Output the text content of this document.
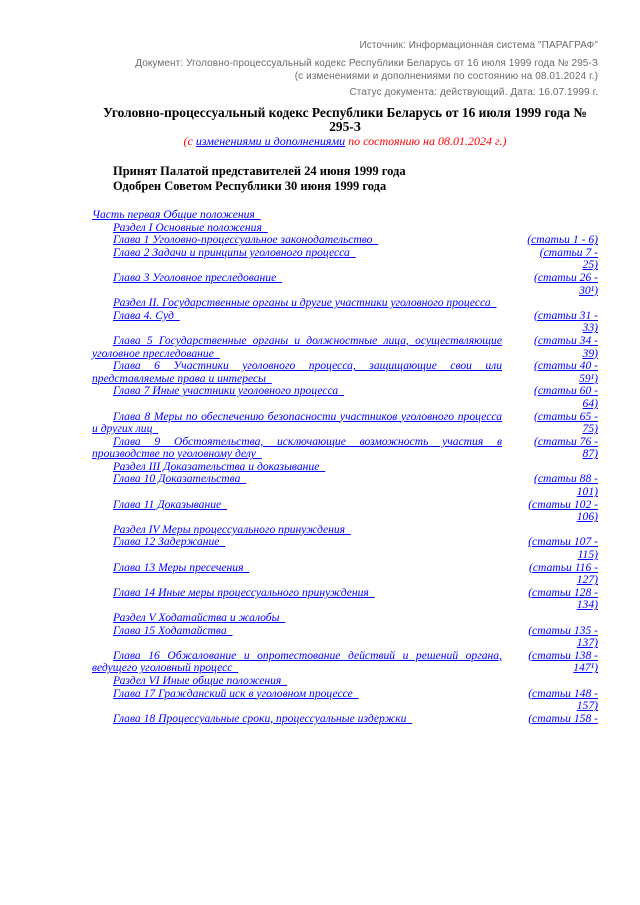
Источник: Информационная система "ПАРАГРАФ"
Документ: Уголовно-процессуальный кодекс Республики Беларусь от 16 июля 1999 года № 295-З
(с изменениями и дополнениями по состоянию на 08.01.2024 г.)
Статус документа: действующий. Дата: 16.07.1999 г.
Уголовно-процессуальный кодекс Республики Беларусь от 16 июля 1999 года № 295-З
(с изменениями и дополнениями по состоянию на 08.01.2024 г.)
Принят Палатой представителей 24 июня 1999 года
Одобрен Советом Республики 30 июня 1999 года
Часть первая Общие положения
Раздел I Основные положения
Глава 1 Уголовно-процессуальное законодательство	(статьи 1 - 6)
Глава 2 Задачи и принципы уголовного процесса	(статьи 7 -
25)
Глава 3 Уголовное преследование	(статьи 26 -
30¹)
Раздел II. Государственные органы и другие участники уголовного процесса
Глава 4. Суд	(статьи 31 -
33)
Глава 5 Государственные органы и должностные лица, осуществляющие уголовное преследование
(статьи 34 -
39)
Глава 6 Участники уголовного процесса, защищающие свои или представляемые права и интересы
(статьи 40 -
59¹)
Глава 7 Иные участники уголовного процесса	(статьи 60 -
64)
Глава 8 Меры по обеспечению безопасности участников уголовного процесса и других лиц
(статьи 65 -
75)
Глава 9 Обстоятельства, исключающие возможность участия в производстве по уголовному делу
(статьи 76 -
87)
Раздел III Доказательства и доказывание
Глава 10 Доказательства	(статьи 88 -
101)
Глава 11 Доказывание	(статьи 102 -
106)
Раздел IV Меры процессуального принуждения
Глава 12 Задержание	(статьи 107 -
115)
Глава 13 Меры пресечения	(статьи 116 -
127)
Глава 14 Иные меры процессуального принуждения	(статьи 128 -
134)
Раздел V Ходатайства и жалобы
Глава 15 Ходатайства	(статьи 135 -
137)
Глава 16 Обжалование и опротестование действий и решений органа, ведущего уголовный процесс
(статьи 138 -
147¹)
Раздел VI Иные общие положения
Глава 17 Гражданский иск в уголовном процессе	(статьи 148 -
157)
Глава 18 Процессуальные сроки, процессуальные издержки	(статьи 158 -
